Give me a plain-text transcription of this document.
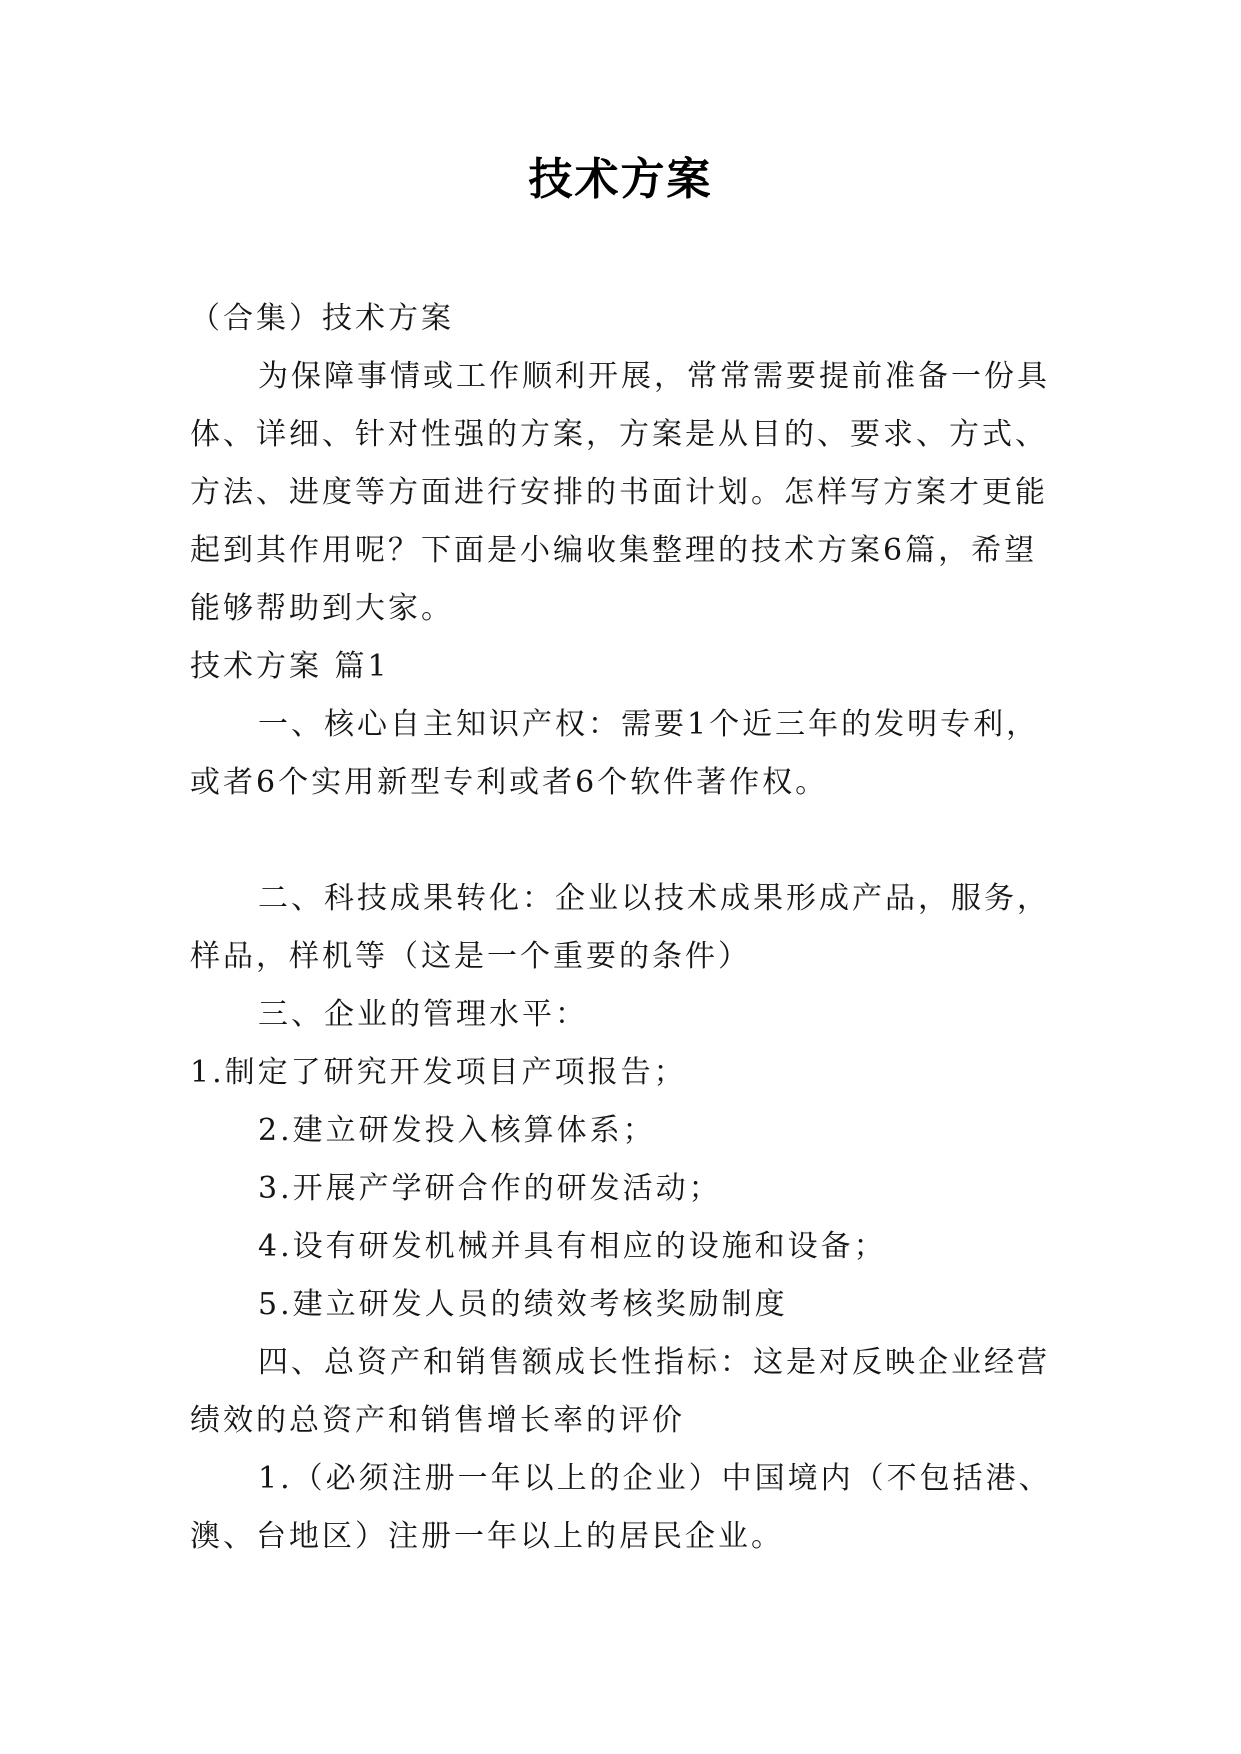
技术方案

（合集）技术方案

为保障事情或工作顺利开展，常常需要提前准备一份具体、详细、针对性强的方案，方案是从目的、要求、方式、方法、进度等方面进行安排的书面计划。怎样写方案才更能起到其作用呢？下面是小编收集整理的技术方案6篇，希望能够帮助到大家。

技术方案 篇1

一、核心自主知识产权：需要1个近三年的发明专利，或者6个实用新型专利或者6个软件著作权。

二、科技成果转化：企业以技术成果形成产品，服务，样品，样机等（这是一个重要的条件）

三、企业的管理水平：

1.制定了研究开发项目产项报告；

2.建立研发投入核算体系；

3.开展产学研合作的研发活动；

4.设有研发机械并具有相应的设施和设备；

5.建立研发人员的绩效考核奖励制度

四、总资产和销售额成长性指标：这是对反映企业经营绩效的总资产和销售增长率的评价

1.（必须注册一年以上的企业）中国境内（不包括港、澳、台地区）注册一年以上的居民企业。
